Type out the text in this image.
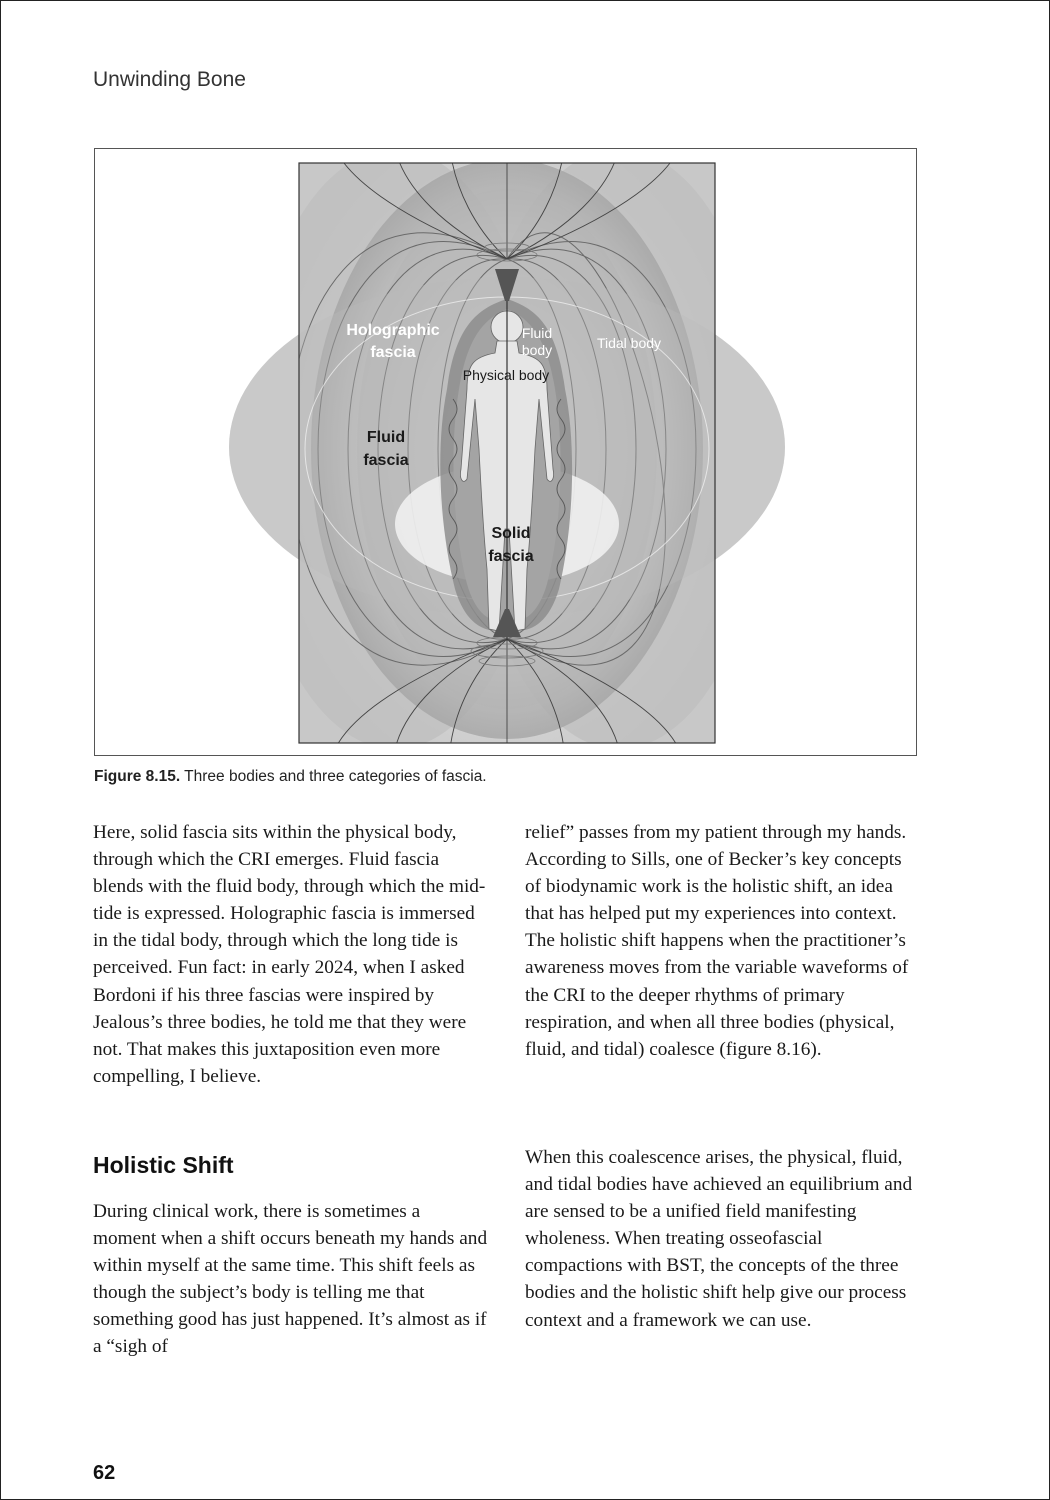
Unwinding Bone
Holographic
fascia
Fluid
body	Tidal body
Physical body
Fluid
fascia
Solid
fascia
Figure 8.15. Three bodies and three categories of fascia.

Here, solid fascia sits within the physical body, through which the CRI emerges. Fluid fascia blends with the fluid body, through which the mid-tide is expressed. Holographic fascia is immersed in the tidal body, through which the long tide is perceived. Fun fact: in early 2024, when I asked Bordoni if his three fascias were inspired by Jealous’s three bodies, he told me that they were not. That makes this juxtaposition even more compelling, I believe.

Holistic Shift

During clinical work, there is sometimes a moment when a shift occurs beneath my hands and within myself at the same time. This shift feels as though the subject’s body is telling me that something good has just happened. It’s almost as if a “sigh of

relief” passes from my patient through my hands. According to Sills, one of Becker’s key concepts of biodynamic work is the holistic shift, an idea that has helped put my experiences into context. The holistic shift happens when the practitioner’s awareness moves from the variable waveforms of the CRI to the deeper rhythms of primary respiration, and when all three bodies (physical, fluid, and tidal) coalesce (figure 8.16).

When this coalescence arises, the physical, fluid, and tidal bodies have achieved an equilibrium and are sensed to be a unified field manifesting wholeness. When treating osseofascial compactions with BST, the concepts of the three bodies and the holistic shift help give our process context and a framework we can use.

62
